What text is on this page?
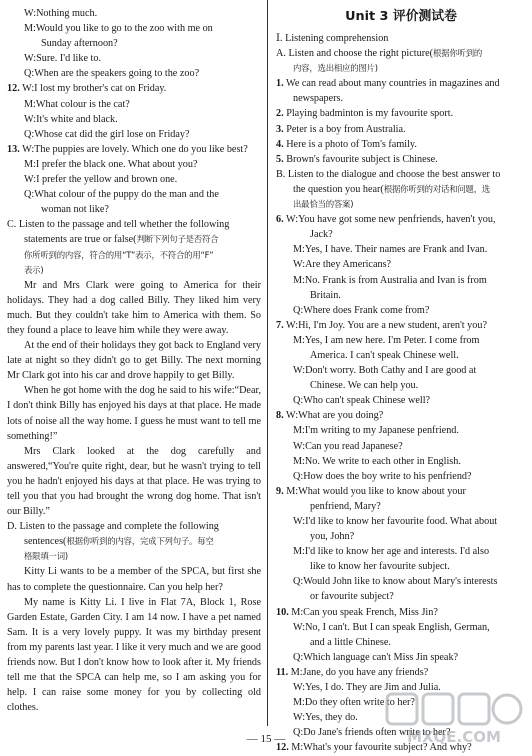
W:Nothing much.
M:Would you like to go to the zoo with me on
Sunday afternoon?
W:Sure. I'd like to.
Q:When are the speakers going to the zoo?
12. W:I lost my brother's cat on Friday.
M:What colour is the cat?
W:It's white and black.
Q:Whose cat did the girl lose on Friday?
13. W:The puppies are lovely. Which one do you like best?
M:I prefer the black one. What about you?
W:I prefer the yellow and brown one.
Q:What colour of the puppy do the man and the
woman not like?
C. Listen to the passage and tell whether the following
statements are true or false(判断下列句子是否符合
你所听到的内容，符合的用“T”表示，不符合的用“F”
表示)
Mr and Mrs Clark were going to America for their holidays. They had a dog called Billy. They liked him very much. But they couldn't take him to America with them. So they found a place to leave him while they were away.
At the end of their holidays they got back to England very late at night so they didn't go to get Billy. The next morning Mr Clark got into his car and drove happily to get Billy.
When he got home with the dog he said to his wife:“Dear, I don't think Billy has enjoyed his days at that place. He made lots of noise all the way home. I guess he must want to tell me something!”
Mrs Clark looked at the dog carefully and answered,“You're quite right, dear, but he wasn't trying to tell you he hadn't enjoyed his days at that place. He was trying to tell you that you had brought the wrong dog home. That isn't our Billy.”
D. Listen to the passage and complete the following
sentences(根据你听到的内容，完成下列句子。每空
格限填一词)
Kitty Li wants to be a member of the SPCA, but first she has to complete the questionnaire. Can you help her?
My name is Kitty Li. I live in Flat 7A, Block 1, Rose Garden Estate, Garden City. I am 14 now. I have a pet named Sam. It is a very lovely puppy. It was my birthday present from my parents last year. I like it very much and we are good friends now. But I don't know how to look after it. My friends tell me that the SPCA can help me, so I am asking you for help. I can raise some money for you by collecting old clothes.
Unit 3 评价测试卷
Ⅰ. Listening comprehension
A. Listen and choose the right picture(根据你听到的
内容，选出相应的图片)
1. We can read about many countries in magazines and
newspapers.
2. Playing badminton is my favourite sport.
3. Peter is a boy from Australia.
4. Here is a photo of Tom's family.
5. Brown's favourite subject is Chinese.
B. Listen to the dialogue and choose the best answer to
the question you hear(根据你听到的对话和问题，选
出最恰当的答案)
6. W:You have got some new penfriends, haven't you,
Jack?
M:Yes, I have. Their names are Frank and Ivan.
W:Are they Americans?
M:No. Frank is from Australia and Ivan is from
Britain.
Q:Where does Frank come from?
7. W:Hi, I'm Joy. You are a new student, aren't you?
M:Yes, I am new here. I'm Peter. I come from
America. I can't speak Chinese well.
W:Don't worry. Both Cathy and I are good at
Chinese. We can help you.
Q:Who can't speak Chinese well?
8. W:What are you doing?
M:I'm writing to my Japanese penfriend.
W:Can you read Japanese?
M:No. We write to each other in English.
Q:How does the boy write to his penfriend?
9. M:What would you like to know about your
penfriend, Mary?
W:I'd like to know her favourite food. What about
you, John?
M:I'd like to know her age and interests. I'd also
like to know her favourite subject.
Q:Would John like to know about Mary's interests
or favourite subject?
10. M:Can you speak French, Miss Jin?
W:No, I can't. But I can speak English, German,
and a little Chinese.
Q:Which language can't Miss Jin speak?
11. M:Jane, do you have any friends?
W:Yes, I do. They are Jim and Julia.
M:Do they often write to her?
W:Yes, they do.
Q:Do Jane's friends often write to her?
12. M:What's your favourite subject? And why?
MXQE.COM
— 15 —
